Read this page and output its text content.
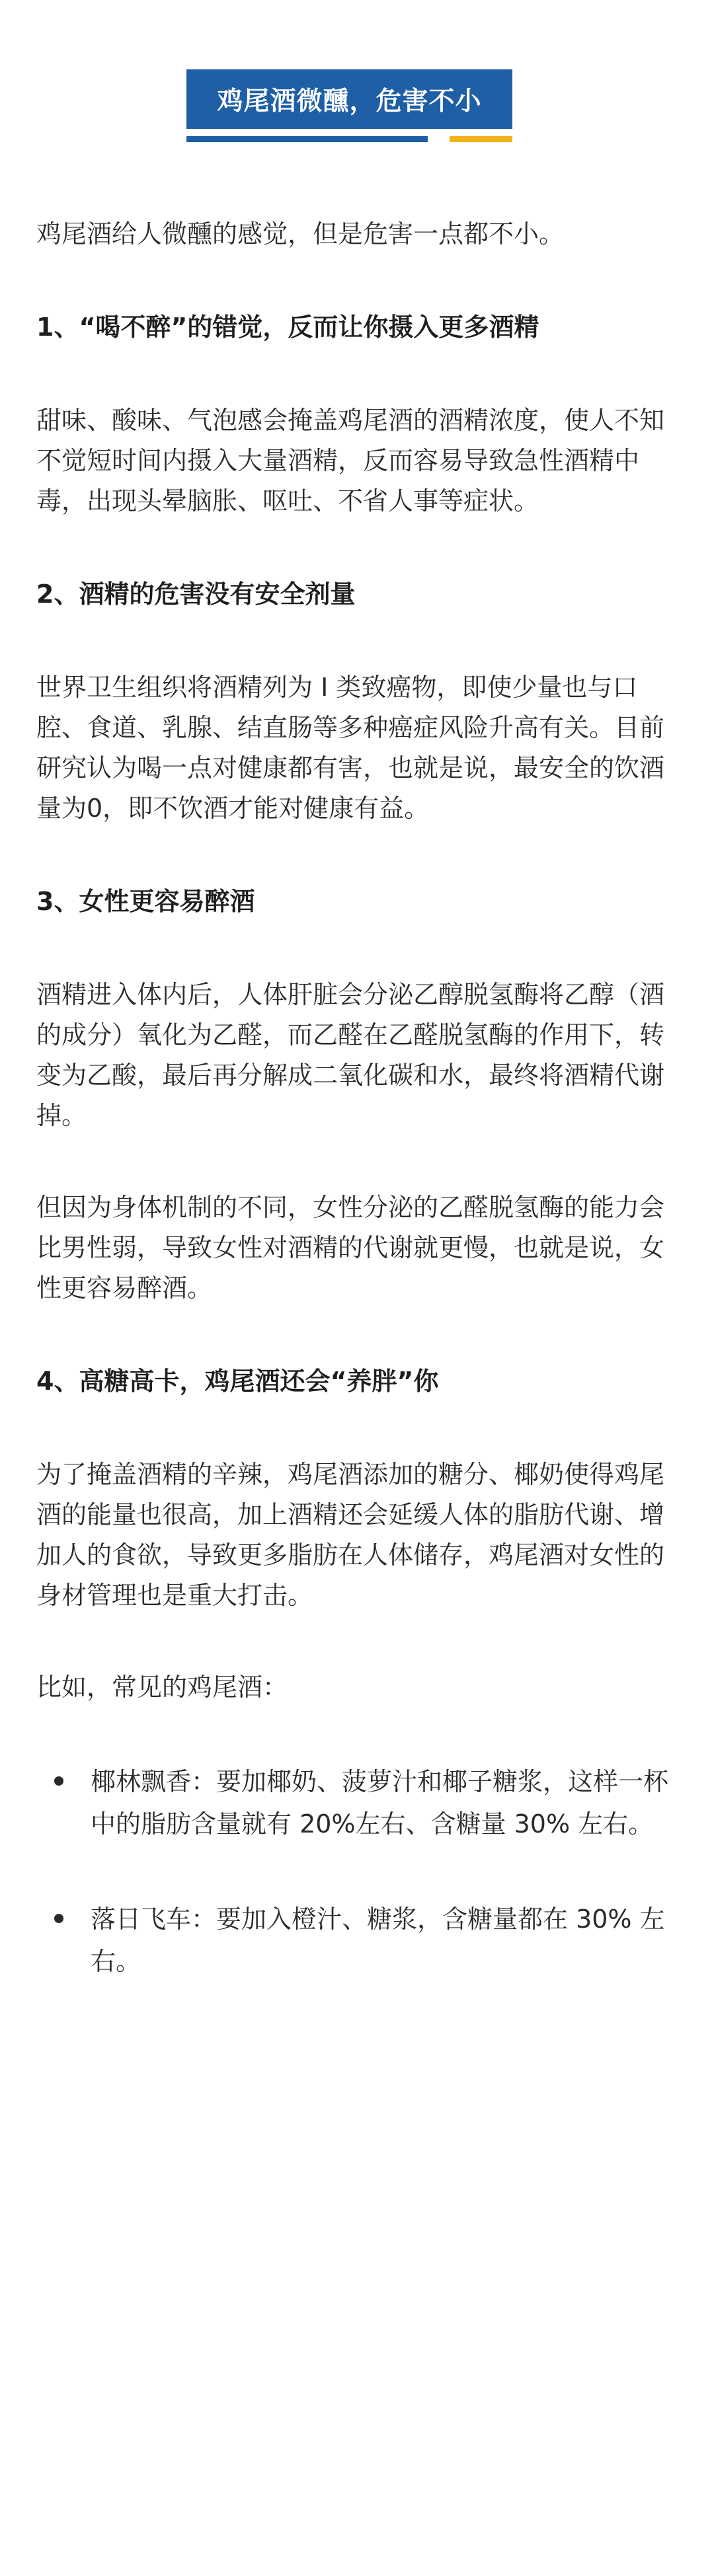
鸡尾酒微醺，危害不小

鸡尾酒给人微醺的感觉，但是危害一点都不小。

1、“喝不醉”的错觉，反而让你摄入更多酒精

甜味、酸味、气泡感会掩盖鸡尾酒的酒精浓度，使人不知不觉短时间内摄入大量酒精，反而容易导致急性酒精中毒，出现头晕脑胀、呕吐、不省人事等症状。

2、酒精的危害没有安全剂量

世界卫生组织将酒精列为 Ⅰ 类致癌物，即使少量也与口腔、食道、乳腺、结直肠等多种癌症风险升高有关。目前研究认为喝一点对健康都有害，也就是说，最安全的饮酒量为0，即不饮酒才能对健康有益。

3、女性更容易醉酒

酒精进入体内后，人体肝脏会分泌乙醇脱氢酶将乙醇（酒的成分）氧化为乙醛，而乙醛在乙醛脱氢酶的作用下，转变为乙酸，最后再分解成二氧化碳和水，最终将酒精代谢掉。

但因为身体机制的不同，女性分泌的乙醛脱氢酶的能力会比男性弱，导致女性对酒精的代谢就更慢，也就是说，女性更容易醉酒。

4、高糖高卡，鸡尾酒还会“养胖”你

为了掩盖酒精的辛辣，鸡尾酒添加的糖分、椰奶使得鸡尾酒的能量也很高，加上酒精还会延缓人体的脂肪代谢、增加人的食欲，导致更多脂肪在人体储存，鸡尾酒对女性的身材管理也是重大打击。

比如，常见的鸡尾酒：

椰林飘香：要加椰奶、菠萝汁和椰子糖浆，这样一杯中的脂肪含量就有 20%左右、含糖量 30% 左右。
落日飞车：要加入橙汁、糖浆，含糖量都在 30% 左右。
